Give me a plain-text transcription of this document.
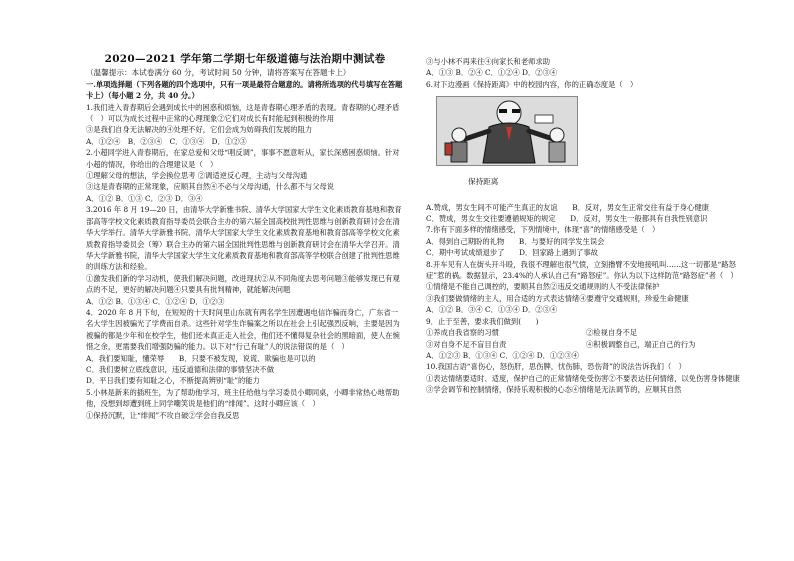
2020—2021 学年第二学期七年级道德与法治期中测试卷
（温馨提示：本试卷满分 60 分，考试时间 50 分钟，请将答案写在答题卡上）
一.单项选择题（下列各题的四个选项中，只有一项是最符合题意的。请将所选项的代号填写在答题卡上）（每小题 2 分，共 40 分。）
1.我们进入青春期后会遇到成长中的困惑和烦恼，这是青春期心理矛盾的表现。青春期的心理矛盾（　）可以为成长过程中正常的心理现象②它们对成长有时能起到积极的作用
③是我们自身无法解决的④处理不好，它们会成为妨碍我们发展的阻力
A．①②④　B．②③④　C．①③④　D．①②③
2.小超同学进入青春期后，在家总爱和父母“唱反调”，事事不愿意听从，家长深感困惑烦恼。针对小超的情况，你给出的合理建议是（　）
①理解父母的想法，学会换位思考 ②调适逆反心理，主动与父母沟通
③这是青春期的正常现象，应顺其自然④不必与父母沟通，什么都不与父母说
A．①② B．①③ C．②③ D．③④
3.2016 年 8 月 19—20 日，由清华大学新雅书院、清华大学国家大学生文化素质教育基地和教育部高等学校文化素质教育指导委员会联合主办的第六届全国高校批判性思维与创新教育研讨会在清华大学举行。清华大学新雅书院、清华大学国家大学生文化素质教育基地和教育部高等学校文化素质教育指导委员会（筹）联合主办的第六届全国批判性思维与创新教育研讨会在清华大学召开。清华大学新雅书院，清华大学国家大学生文化素质教育基地和教育部高等学校联合创建了批判性思维的训练方法和经验。
①激发我们新的学习动机，使我们解决问题，改进现状②从不同角度去思考问题③能够发现已有观点的不足，更好的解决问题④只要具有批判精神，就能解决问题
A．①② B．①③④ C．①②④ D．①②③
4．2020 年 8 月下旬，在短短的十天时间里山东就有两名学生因遭遇电信诈骗而身亡，广东省一名大学生因被骗光了学费而自杀。这些针对学生诈骗案之所以在社会上引起强烈反响，主要是因为被骗的都是少年和在校学生，他们还未真正走入社会，他们还不懂得复杂社会的黑暗面，使人在惋惜之余，更需要我们增强防骗的能力。以下对“行己有耻”人的说法错误的是（　）
A．我们要知耻，懂荣辱　　B．只要不被发现，说谎、欺骗也是可以的
C．我们要树立底线意识，违反道德和法律的事情坚决不做
D．平日我们要有知耻之心，不断提高辨别“耻”的能力
5.小林是新来的插班生，为了帮助他学习，班主任给他与学习委员小卿同桌，小卿非常热心地帮助他，没想到却遭到班上同学嘲笑说是他们的“绯闻”。这时小卿应该（　）
①保持沉默，让“绯闻”不攻自破②学会自我反思
③与小林不再来往④向家长和老师求助
A．①③ B．②④ C．①②④ D．②③④
6.对下边漫画《保持距离》中的校园内容，你的正确态度是（　）
保持距离
A.赞成，男女生间不可能产生真正的友谊　　B．反对，男女生正常交往有益于身心健康
C．赞成，男女生交往要遵循规矩的规定　　D．反对，男女生一般都具有自我性别意识
7.你有下面多样的情绪感受，下列情境中，体现“喜”的情绪感受是（　）
A．得到自己期盼的礼物　　B．与要好的同学发生误会
C．期中考试成绩退步了　　D．回家路上遇到了事故
8.开车见有人在街头开斗殴，我很不理解也很气愤，立刻撸臂不安地接吼叫……这一切都是“路怒症”惹的祸。数据显示，23.4%的人承认自己有“路怒症”。你认为以下这样防范“路怒症”者（　）
①情绪是不能自己调控的，要顺其自然②违反交通规则的人不受法律保护
③我们要做情绪的主人，用合适的方式表达情绪④要遵守交通规则，珍爱生命健康
A．①② B．③④ C．①③④ D．②③④
9．止于至善，要求我们做到(　　)
①养成自我省察的习惯	②检视自身不足
③对自身不足不盲目自责	④积极调整自己，端正自己的行为
A．①②③ B．①③④ C．①②④ D．①②③④
10.我国古语“喜伤心，怒伤肝，思伤脾，忧伤肺，恐伤肾”的说法告诉我们（　）
①表达情绪要适时、适度，保护自己的正常情绪免受伤害②不要表达任何情绪，以免伤害身体健康③学会调节和控制情绪，保持乐观积极的心态④情绪是无法调节的，应顺其自然
